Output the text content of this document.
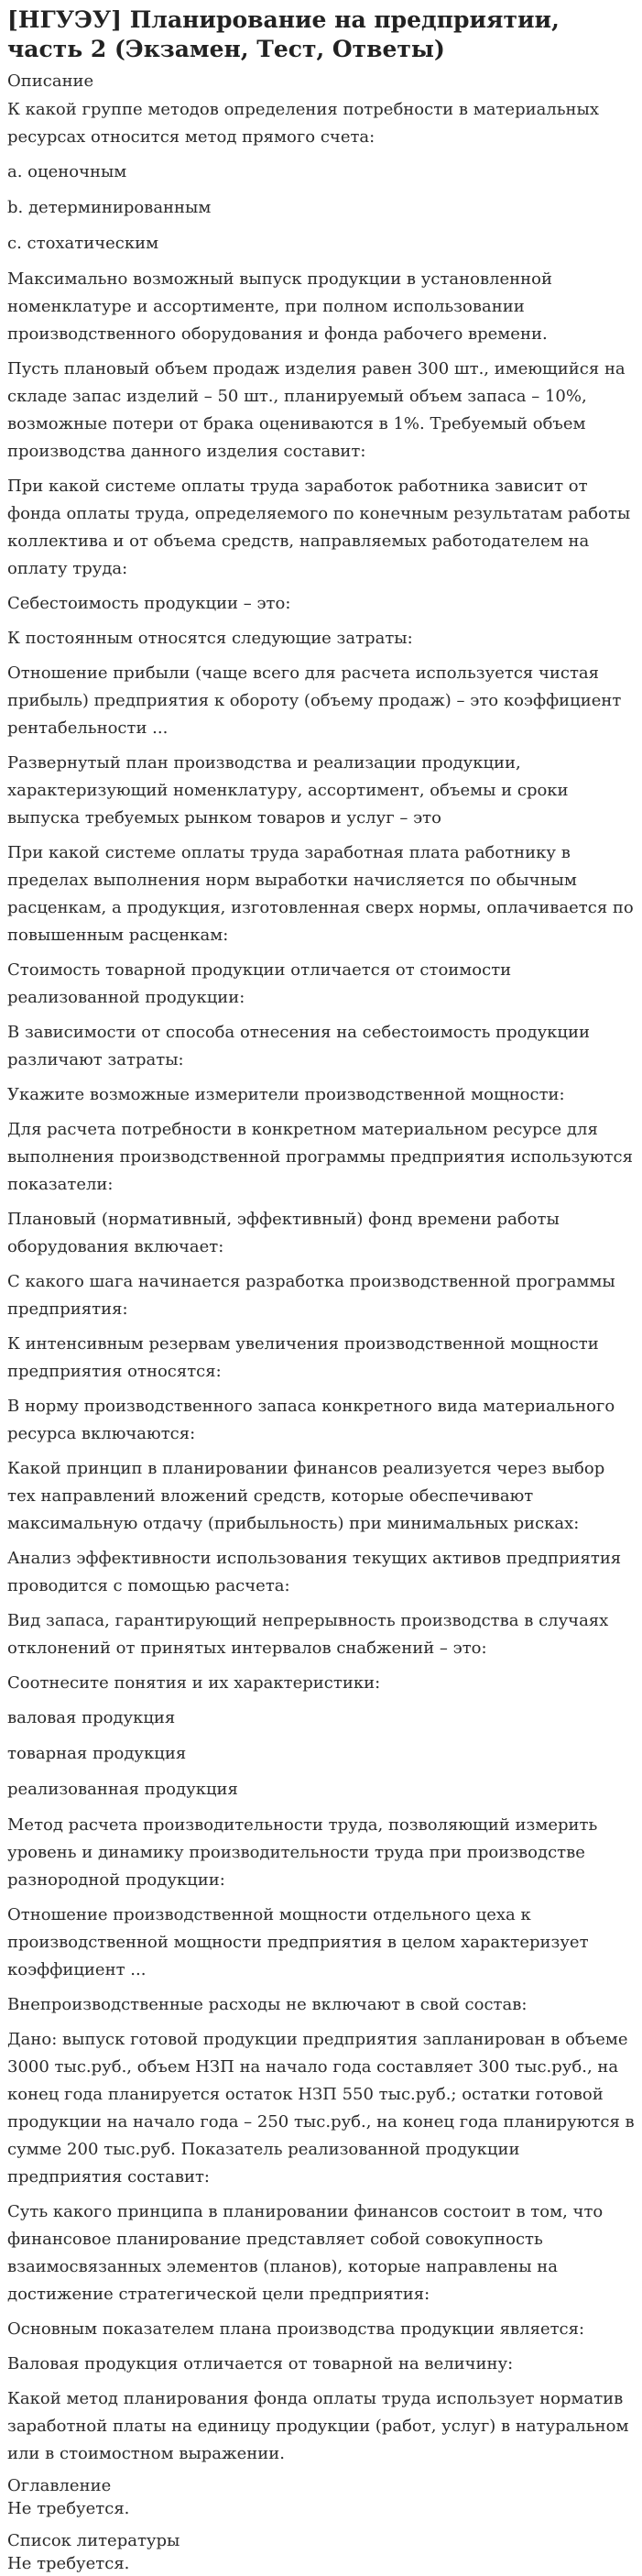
[НГУЭУ] Планирование на предприятии, часть 2 (Экзамен, Тест, Ответы)
Описание
К какой группе методов определения потребности в материальных ресурсах относится метод прямого счета:
a. оценочным
b. детерминированным
c. стохатическим
Максимально возможный выпуск продукции в установленной номенклатуре и ассортименте, при полном использовании производственного оборудования и фонда рабочего времени.
Пусть плановый объем продаж изделия равен 300 шт., имеющийся на складе запас изделий – 50 шт., планируемый объем запаса – 10%, возможные потери от брака оцениваются в 1%. Требуемый объем производства данного изделия составит:
При какой системе оплаты труда заработок работника зависит от фонда оплаты труда, определяемого по конечным результатам работы коллектива и от объема средств, направляемых работодателем на оплату труда:
Себестоимость продукции – это:
К постоянным относятся следующие затраты:
Отношение прибыли (чаще всего для расчета используется чистая прибыль) предприятия к обороту (объему продаж) – это коэффициент рентабельности ...
Развернутый план производства и реализации продукции, характеризующий номенклатуру, ассортимент, объемы и сроки выпуска требуемых рынком товаров и услуг – это
При какой системе оплаты труда заработная плата работнику в пределах выполнения норм выработки начисляется по обычным расценкам, а продукция, изготовленная сверх нормы, оплачивается по повышенным расценкам:
Стоимость товарной продукции отличается от стоимости реализованной продукции:
В зависимости от способа отнесения на себестоимость продукции различают затраты:
Укажите возможные измерители производственной мощности:
Для расчета потребности в конкретном материальном ресурсе для выполнения производственной программы предприятия используются показатели:
Плановый (нормативный, эффективный) фонд времени работы оборудования включает:
С какого шага начинается разработка производственной программы предприятия:
К интенсивным резервам увеличения производственной мощности предприятия относятся:
В норму производственного запаса конкретного вида материального ресурса включаются:
Какой принцип в планировании финансов реализуется через выбор тех направлений вложений средств, которые обеспечивают максимальную отдачу (прибыльность) при минимальных рисках:
Анализ эффективности использования текущих активов предприятия проводится с помощью расчета:
Вид запаса, гарантирующий непрерывность производства в случаях отклонений от принятых интервалов снабжений – это:
Соотнесите понятия и их характеристики:
валовая продукция
товарная продукция
реализованная продукция
Метод расчета производительности труда, позволяющий измерить уровень и динамику производительности труда при производстве разнородной продукции:
Отношение производственной мощности отдельного цеха к производственной мощности предприятия в целом характеризует коэффициент ...
Внепроизводственные расходы не включают в свой состав:
Дано: выпуск готовой продукции предприятия запланирован в объеме 3000 тыс.руб., объем НЗП на начало года составляет 300 тыс.руб., на конец года планируется остаток НЗП 550 тыс.руб.; остатки готовой продукции на начало года – 250 тыс.руб., на конец года планируются в сумме 200 тыс.руб. Показатель реализованной продукции предприятия составит:
Суть какого принципа в планировании финансов состоит в том, что финансовое планирование представляет собой совокупность взаимосвязанных элементов (планов), которые направлены на достижение стратегической цели предприятия:
Основным показателем плана производства продукции является:
Валовая продукция отличается от товарной на величину:
Какой метод планирования фонда оплаты труда использует норматив заработной платы на единицу продукции (работ, услуг) в натуральном или в стоимостном выражении.
Оглавление
Не требуется.
Список литературы
Не требуется.
